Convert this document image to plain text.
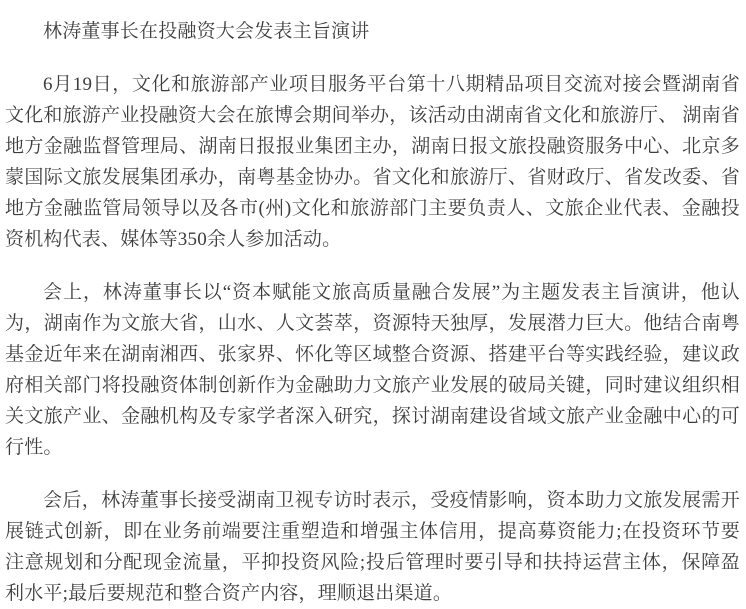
林涛董事长在投融资大会发表主旨演讲

6月19日，文化和旅游部产业项目服务平台第十八期精品项目交流对接会暨湖南省文化和旅游产业投融资大会在旅博会期间举办，该活动由湖南省文化和旅游厅、 湖南省地方金融监督管理局、湖南日报报业集团主办，湖南日报文旅投融资服务中心、北京多蒙国际文旅发展集团承办，南粤基金协办。省文化和旅游厅、省财政厅、省发改委、省地方金融监管局领导以及各市(州)文化和旅游部门主要负责人、文旅企业代表、金融投资机构代表、媒体等350余人参加活动。

会上，林涛董事长以“资本赋能文旅高质量融合发展”为主题发表主旨演讲，他认为，湖南作为文旅大省，山水、人文荟萃，资源特天独厚，发展潜力巨大。他结合南粤基金近年来在湖南湘西、张家界、怀化等区域整合资源、搭建平台等实践经验，建议政府相关部门将投融资体制创新作为金融助力文旅产业发展的破局关键，同时建议组织相关文旅产业、金融机构及专家学者深入研究，探讨湖南建设省域文旅产业金融中心的可行性。

会后，林涛董事长接受湖南卫视专访时表示，受疫情影响，资本助力文旅发展需开展链式创新，即在业务前端要注重塑造和增强主体信用，提高募资能力;在投资环节要注意规划和分配现金流量，平抑投资风险;投后管理时要引导和扶持运营主体，保障盈利水平;最后要规范和整合资产内容，理顺退出渠道。
